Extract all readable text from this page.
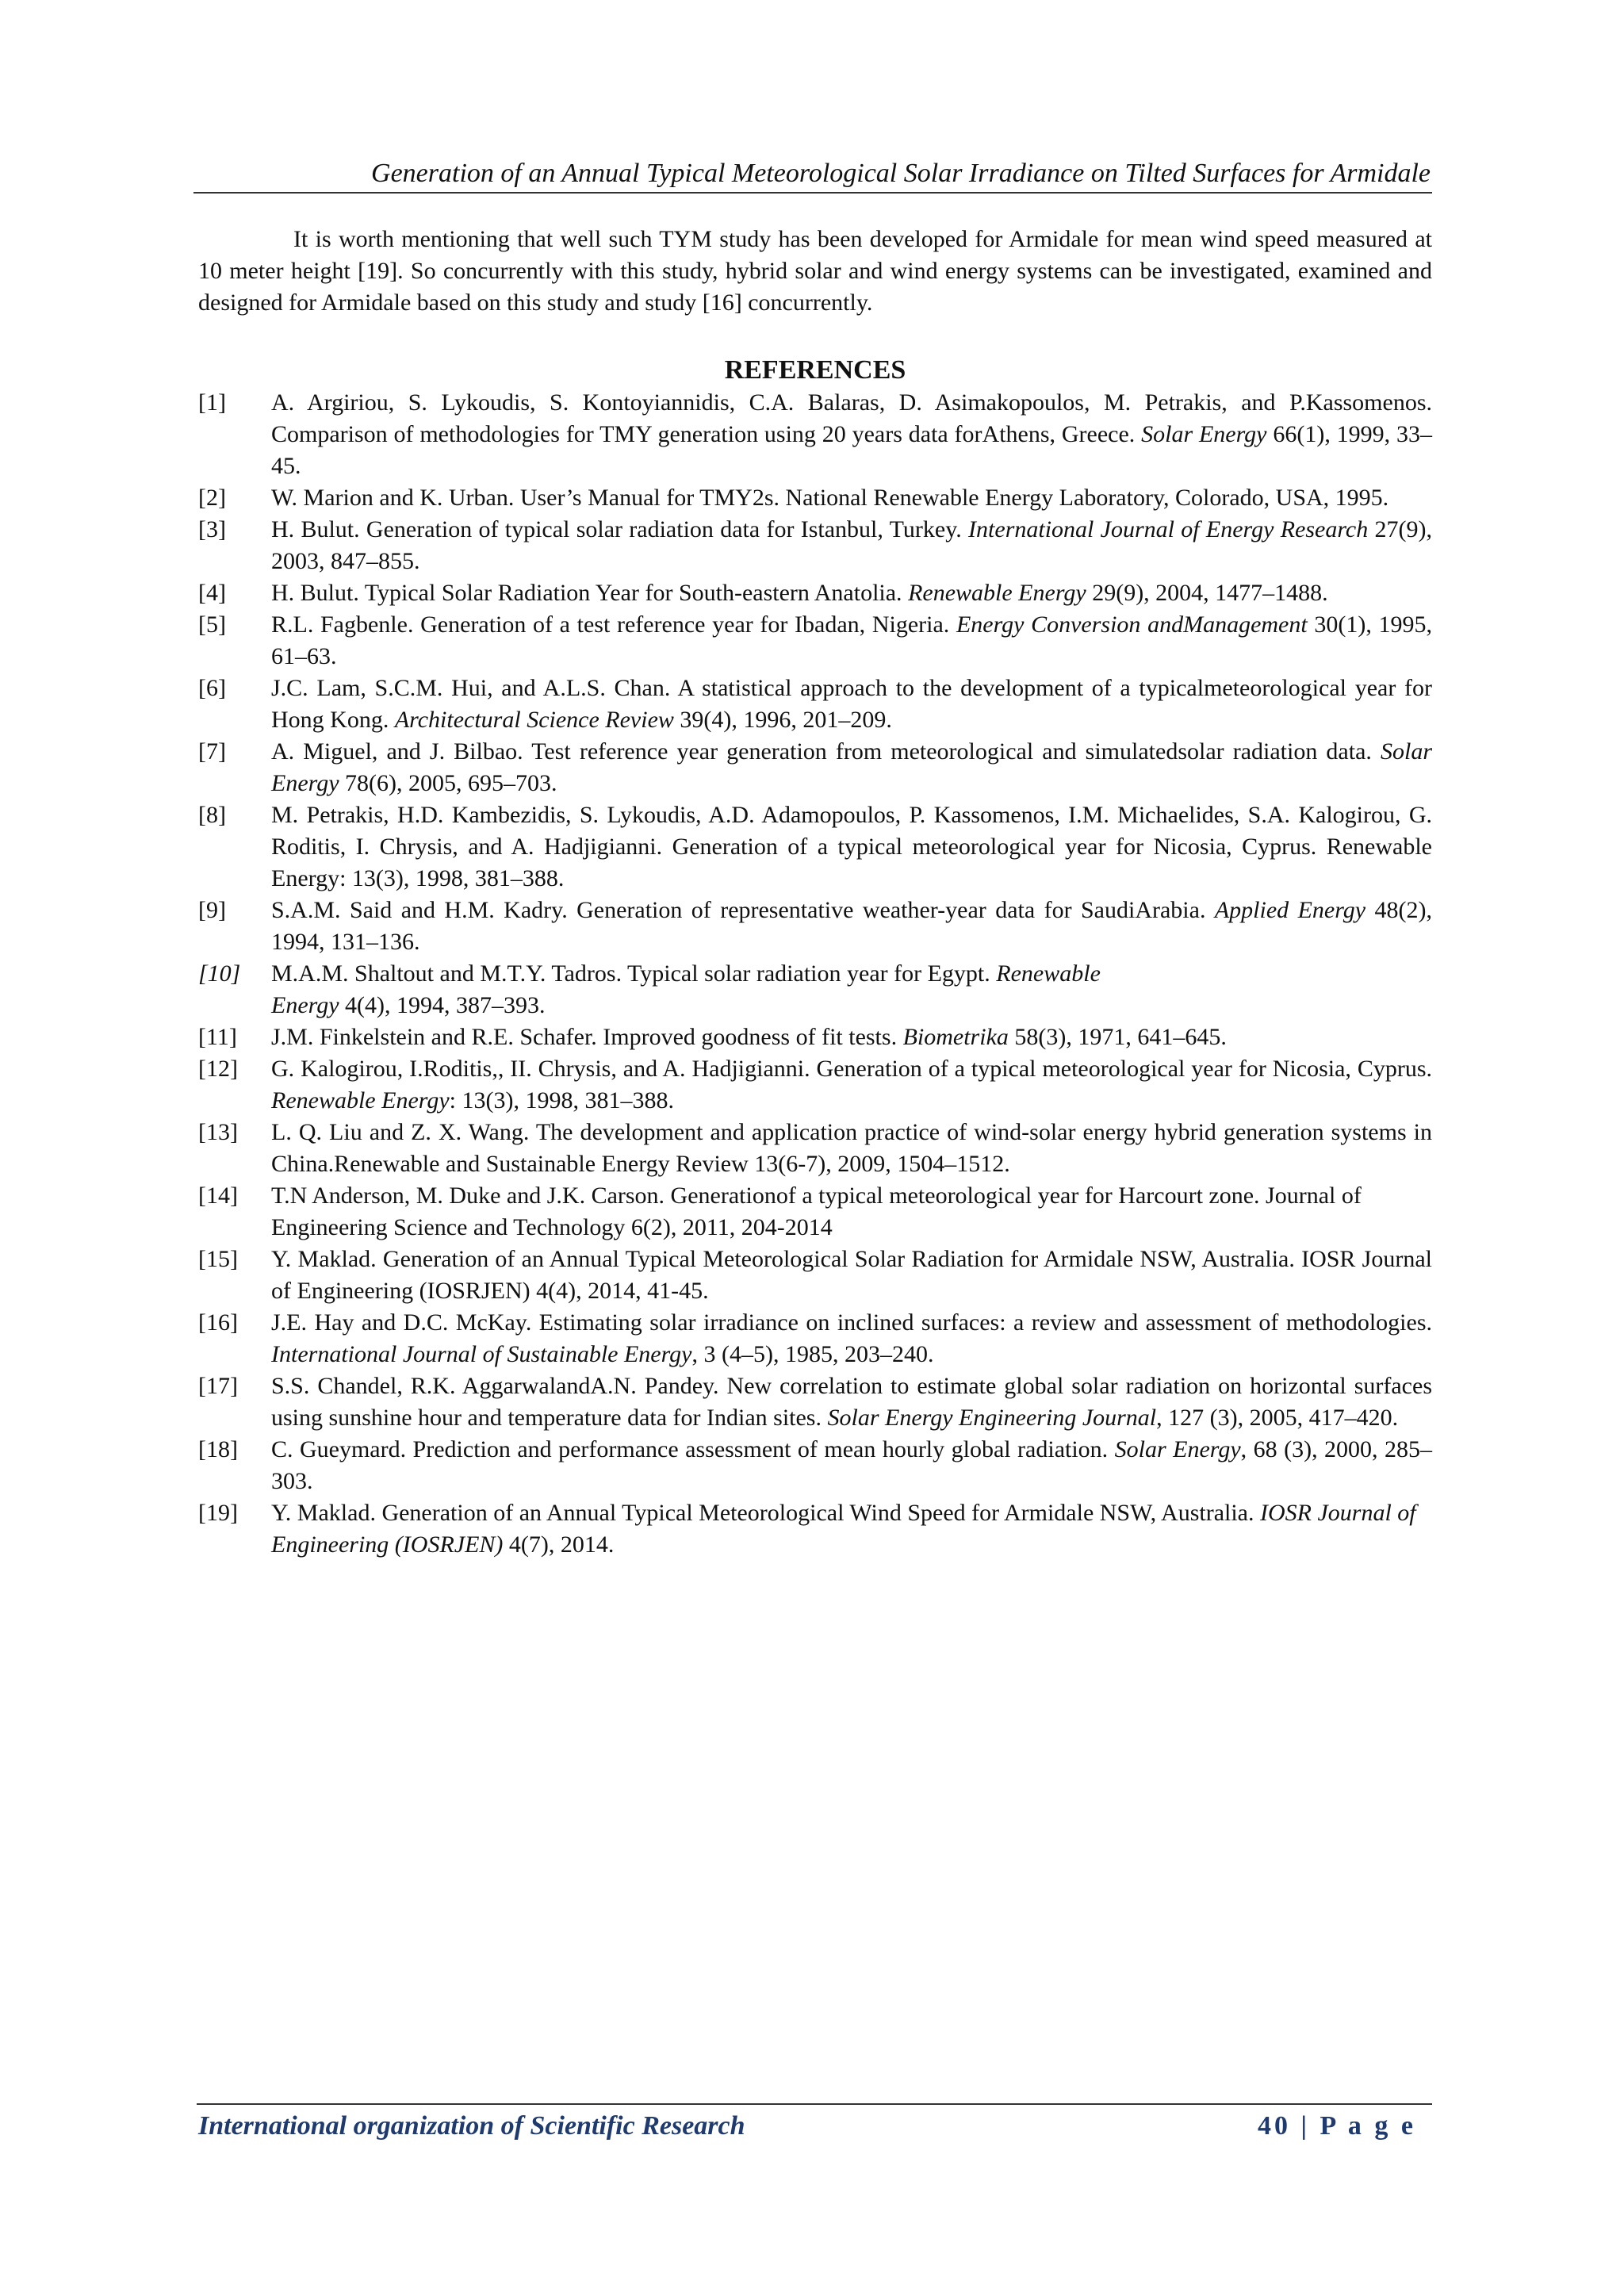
Generation of an Annual Typical Meteorological Solar Irradiance on Tilted Surfaces for Armidale
It is worth mentioning that well such TYM study has been developed for Armidale for mean wind speed measured at 10 meter height [19]. So concurrently with this study, hybrid solar and wind energy systems can be investigated, examined and designed for Armidale based on this study and study [16] concurrently.
REFERENCES
[1]	A. Argiriou, S. Lykoudis, S. Kontoyiannidis, C.A. Balaras, D. Asimakopoulos, M. Petrakis, and P.Kassomenos. Comparison of methodologies for TMY generation using 20 years data forAthens, Greece. Solar Energy 66(1), 1999, 33–45.
[2]	W. Marion and K. Urban. User’s Manual for TMY2s. National Renewable Energy Laboratory, Colorado, USA, 1995.
[3]	H. Bulut. Generation of typical solar radiation data for Istanbul, Turkey. International Journal of Energy Research 27(9), 2003, 847–855.
[4]	H. Bulut. Typical Solar Radiation Year for South-eastern Anatolia. Renewable Energy 29(9), 2004, 1477–1488.
[5]	R.L. Fagbenle. Generation of a test reference year for Ibadan, Nigeria. Energy Conversion andManagement 30(1), 1995, 61–63.
[6]	J.C. Lam, S.C.M. Hui, and A.L.S. Chan. A statistical approach to the development of a typicalmeteorological year for Hong Kong. Architectural Science Review 39(4), 1996, 201–209.
[7]	A. Miguel, and J. Bilbao. Test reference year generation from meteorological and simulatedsolar radiation data. Solar Energy 78(6), 2005, 695–703.
[8]	M. Petrakis, H.D. Kambezidis, S. Lykoudis, A.D. Adamopoulos, P. Kassomenos, I.M. Michaelides, S.A. Kalogirou, G. Roditis, I. Chrysis, and A. Hadjigianni. Generation of a typical meteorological year for Nicosia, Cyprus. Renewable Energy: 13(3), 1998, 381–388.
[9]	S.A.M. Said and H.M. Kadry. Generation of representative weather-year data for SaudiArabia. Applied Energy 48(2), 1994, 131–136.
[10]	M.A.M. Shaltout and M.T.Y. Tadros. Typical solar radiation year for Egypt. Renewable Energy 4(4), 1994, 387–393.
[11]	J.M. Finkelstein and R.E. Schafer. Improved goodness of fit tests. Biometrika 58(3), 1971, 641–645.
[12]	G. Kalogirou, I.Roditis,, II. Chrysis, and A. Hadjigianni. Generation of a typical meteorological year for Nicosia, Cyprus. Renewable Energy: 13(3), 1998, 381–388.
[13]	L. Q. Liu and Z. X. Wang. The development and application practice of wind-solar energy hybrid generation systems in China.Renewable and Sustainable Energy Review 13(6-7), 2009, 1504–1512.
[14]	T.N Anderson, M. Duke and J.K. Carson. Generationof a typical meteorological year for Harcourt zone. Journal of Engineering Science and Technology 6(2), 2011, 204-2014
[15]	Y. Maklad. Generation of an Annual Typical Meteorological Solar Radiation for Armidale NSW, Australia. IOSR Journal of Engineering (IOSRJEN) 4(4), 2014, 41-45.
[16]	J.E. Hay and D.C. McKay. Estimating solar irradiance on inclined surfaces: a review and assessment of methodologies. International Journal of Sustainable Energy, 3 (4–5), 1985, 203–240.
[17]	S.S. Chandel, R.K. AggarwalandA.N. Pandey. New correlation to estimate global solar radiation on horizontal surfaces using sunshine hour and temperature data for Indian sites. Solar Energy Engineering Journal, 127 (3), 2005, 417–420.
[18]	C. Gueymard. Prediction and performance assessment of mean hourly global radiation. Solar Energy, 68 (3), 2000, 285–303.
[19]	Y. Maklad. Generation of an Annual Typical Meteorological Wind Speed for Armidale NSW, Australia. IOSR Journal of Engineering (IOSRJEN) 4(7), 2014.
International organization of Scientific Research	40 | P a g e
